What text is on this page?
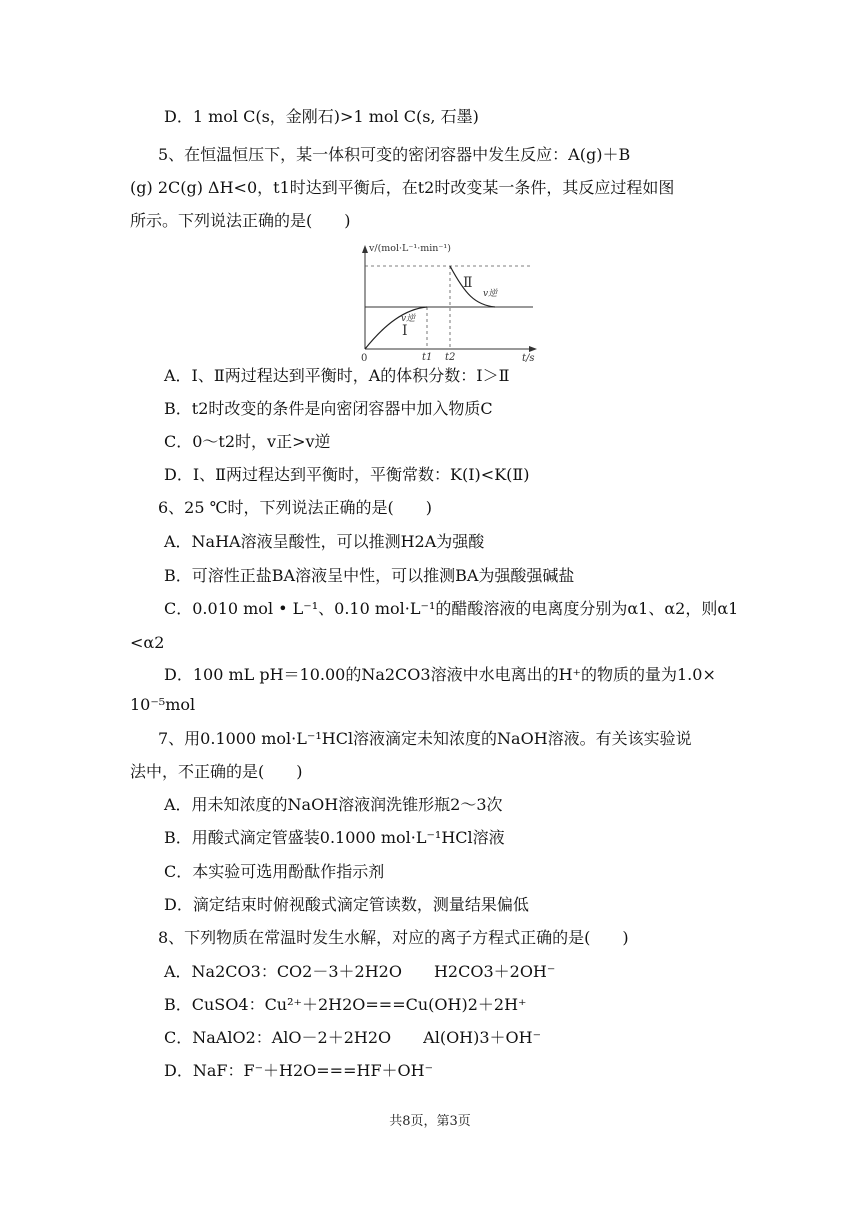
D．1 mol C(s，金刚石)>1 mol C(s, 石墨)
5、在恒温恒压下，某一体积可变的密闭容器中发生反应：A(g)＋B
(g) 2C(g) ΔH<0，t1时达到平衡后，在t2时改变某一条件，其反应过程如图
所示。下列说法正确的是(　　)
v/(mol·L⁻¹·min⁻¹)
t/s
0	t1 t2
Ⅰ
Ⅱ
v逆
v逆
A．Ⅰ、Ⅱ两过程达到平衡时，A的体积分数：Ⅰ＞Ⅱ
B．t2时改变的条件是向密闭容器中加入物质C
C．0～t2时，v正>v逆
D．Ⅰ、Ⅱ两过程达到平衡时，平衡常数：K(Ⅰ)<K(Ⅱ)
6、25 ℃时，下列说法正确的是(　　)
A．NaHA溶液呈酸性，可以推测H2A为强酸
B．可溶性正盐BA溶液呈中性，可以推测BA为强酸强碱盐
C．0.010 mol • L⁻¹、0.10 mol·L⁻¹的醋酸溶液的电离度分别为α1、α2，则α1
<α2
D．100 mL pH＝10.00的Na2CO3溶液中水电离出的H⁺的物质的量为1.0×
10⁻⁵mol
7、用0.1000 mol·L⁻¹HCl溶液滴定未知浓度的NaOH溶液。有关该实验说
法中，不正确的是(　　)
A．用未知浓度的NaOH溶液润洗锥形瓶2～3次
B．用酸式滴定管盛装0.1000 mol·L⁻¹HCl溶液
C．本实验可选用酚酞作指示剂
D．滴定结束时俯视酸式滴定管读数，测量结果偏低
8、下列物质在常温时发生水解，对应的离子方程式正确的是(　　)
A．Na2CO3：CO2－3＋2H2O　　H2CO3＋2OH⁻
B．CuSO4：Cu²⁺＋2H2O===Cu(OH)2＋2H⁺
C．NaAlO2：AlO－2＋2H2O　　Al(OH)3＋OH⁻
D．NaF：F⁻＋H2O===HF＋OH⁻
共8页，第3页
